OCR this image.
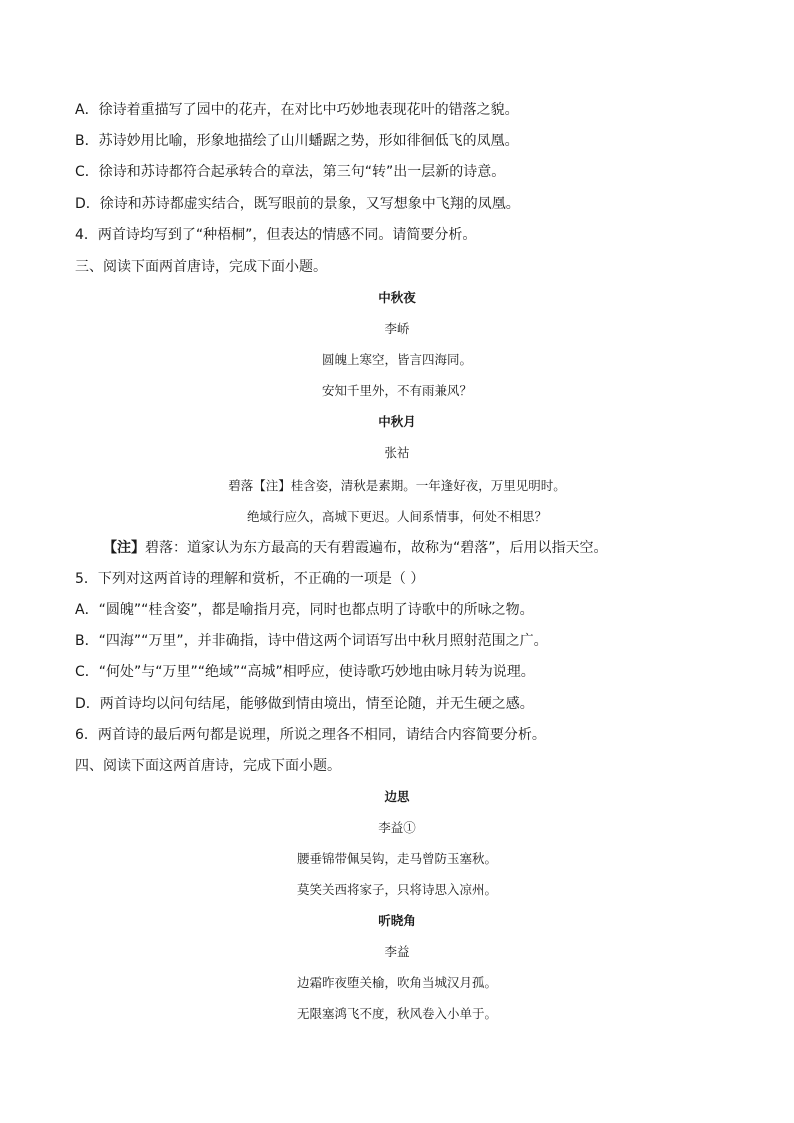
A．徐诗着重描写了园中的花卉，在对比中巧妙地表现花叶的错落之貌。
B．苏诗妙用比喻，形象地描绘了山川蟠踞之势，形如徘徊低飞的凤凰。
C．徐诗和苏诗都符合起承转合的章法，第三句“转”出一层新的诗意。
D．徐诗和苏诗都虚实结合，既写眼前的景象，又写想象中飞翔的凤凰。
4．两首诗均写到了“种梧桐”，但表达的情感不同。请简要分析。
三、阅读下面两首唐诗，完成下面小题。
中秋夜
李峤
圆魄上寒空，皆言四海同。
安知千里外，不有雨兼风？
中秋月
张祜
碧落【注】桂含姿，清秋是素期。一年逢好夜，万里见明时。
绝域行应久，高城下更迟。人间系情事，何处不相思？
【注】碧落：道家认为东方最高的天有碧霞遍布，故称为“碧落”，后用以指天空。
5．下列对这两首诗的理解和赏析，不正确的一项是（ ）
A．“圆魄”“桂含姿”，都是喻指月亮，同时也都点明了诗歌中的所咏之物。
B．“四海”“万里”，并非确指，诗中借这两个词语写出中秋月照射范围之广。
C．“何处”与“万里”“绝域”“高城”相呼应，使诗歌巧妙地由咏月转为说理。
D．两首诗均以问句结尾，能够做到情由境出，情至论随，并无生硬之感。
6．两首诗的最后两句都是说理，所说之理各不相同，请结合内容简要分析。
四、阅读下面这两首唐诗，完成下面小题。
边思
李益①
腰垂锦带佩吴钩，走马曾防玉塞秋。
莫笑关西将家子，只将诗思入凉州。
听晓角
李益
边霜昨夜堕关榆，吹角当城汉月孤。
无限塞鸿飞不度，秋风卷入小单于。
